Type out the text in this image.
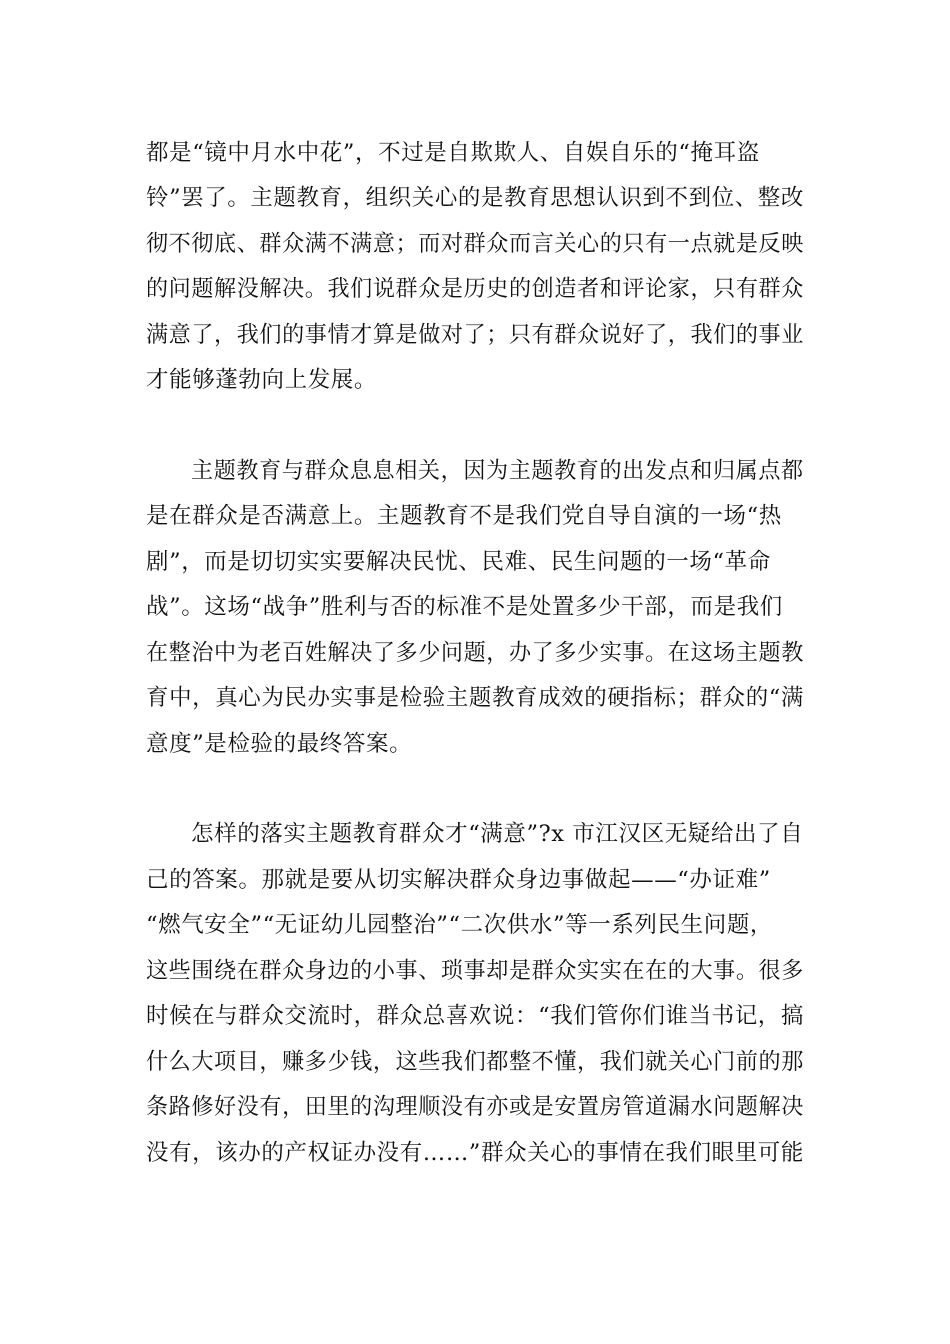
都是“镜中月水中花”，不过是自欺欺人、自娱自乐的“掩耳盗
铃”罢了。主题教育，组织关心的是教育思想认识到不到位、整改
彻不彻底、群众满不满意；而对群众而言关心的只有一点就是反映
的问题解没解决。我们说群众是历史的创造者和评论家，只有群众
满意了，我们的事情才算是做对了；只有群众说好了，我们的事业
才能够蓬勃向上发展。
主题教育与群众息息相关，因为主题教育的出发点和归属点都
是在群众是否满意上。主题教育不是我们党自导自演的一场“热
剧”，而是切切实实要解决民忧、民难、民生问题的一场“革命
战”。这场“战争”胜利与否的标准不是处置多少干部，而是我们
在整治中为老百姓解决了多少问题，办了多少实事。在这场主题教
育中，真心为民办实事是检验主题教育成效的硬指标；群众的“满
意度”是检验的最终答案。
怎样的落实主题教育群众才“满意”?x 市江汉区无疑给出了自
己的答案。那就是要从切实解决群众身边事做起——“办证难”
“燃气安全”“无证幼儿园整治”“二次供水”等一系列民生问题，
这些围绕在群众身边的小事、琐事却是群众实实在在的大事。很多
时候在与群众交流时，群众总喜欢说：“我们管你们谁当书记，搞
什么大项目，赚多少钱，这些我们都整不懂，我们就关心门前的那
条路修好没有，田里的沟理顺没有亦或是安置房管道漏水问题解决
没有，该办的产权证办没有……”群众关心的事情在我们眼里可能
